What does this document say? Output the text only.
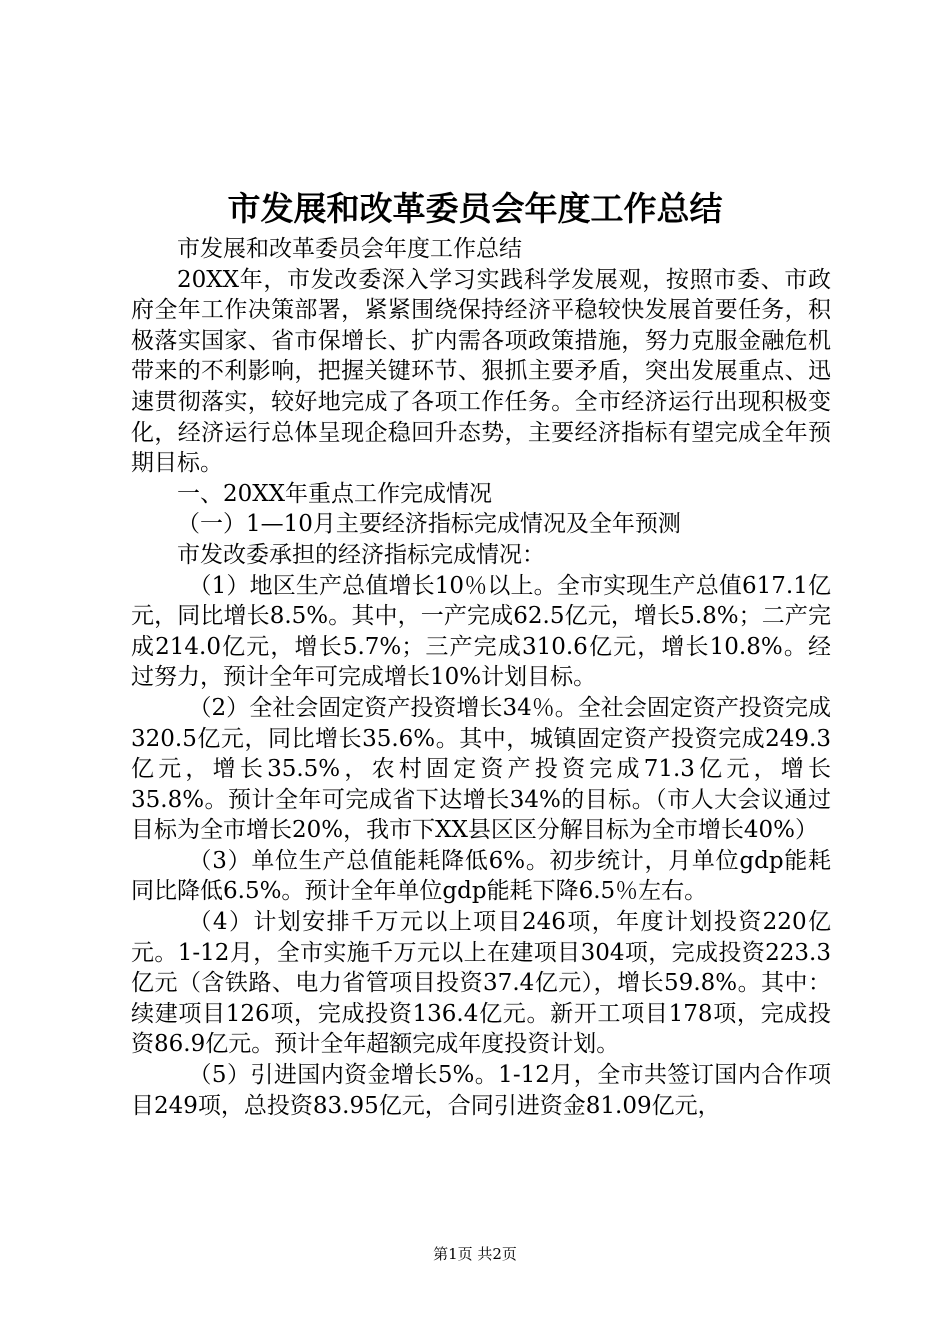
市发展和改革委员会年度工作总结

市发展和改革委员会年度工作总结

20XX年，市发改委深入学习实践科学发展观，按照市委、市政府全年工作决策部署，紧紧围绕保持经济平稳较快发展首要任务，积极落实国家、省市保增长、扩内需各项政策措施，努力克服金融危机带来的不利影响，把握关键环节、狠抓主要矛盾，突出发展重点、迅速贯彻落实，较好地完成了各项工作任务。全市经济运行出现积极变化，经济运行总体呈现企稳回升态势，主要经济指标有望完成全年预期目标。

一、20XX年重点工作完成情况

（一）1—10月主要经济指标完成情况及全年预测

市发改委承担的经济指标完成情况：

（1）地区生产总值增长10％以上。全市实现生产总值617.1亿元，同比增长8.5%。其中，一产完成62.5亿元，增长5.8%；二产完成214.0亿元，增长5.7%；三产完成310.6亿元，增长10.8%。经过努力，预计全年可完成增长10%计划目标。

（2）全社会固定资产投资增长34％。全社会固定资产投资完成320.5亿元，同比增长35.6%。其中，城镇固定资产投资完成249.3亿元，增长35.5%，农村固定资产投资完成71.3亿元，增长35.8%。预计全年可完成省下达增长34%的目标。（市人大会议通过目标为全市增长20%，我市下XX县区区分解目标为全市增长40%）

（3）单位生产总值能耗降低6%。初步统计，月单位gdp能耗同比降低6.5%。预计全年单位gdp能耗下降6.5％左右。

（4）计划安排千万元以上项目246项，年度计划投资220亿元。1-12月，全市实施千万元以上在建项目304项，完成投资223.3亿元（含铁路、电力省管项目投资37.4亿元），增长59.8%。其中：续建项目126项，完成投资136.4亿元。新开工项目178项，完成投资86.9亿元。预计全年超额完成年度投资计划。

（5）引进国内资金增长5%。1-12月，全市共签订国内合作项目249项，总投资83.95亿元，合同引进资金81.09亿元，

第1页 共2页
